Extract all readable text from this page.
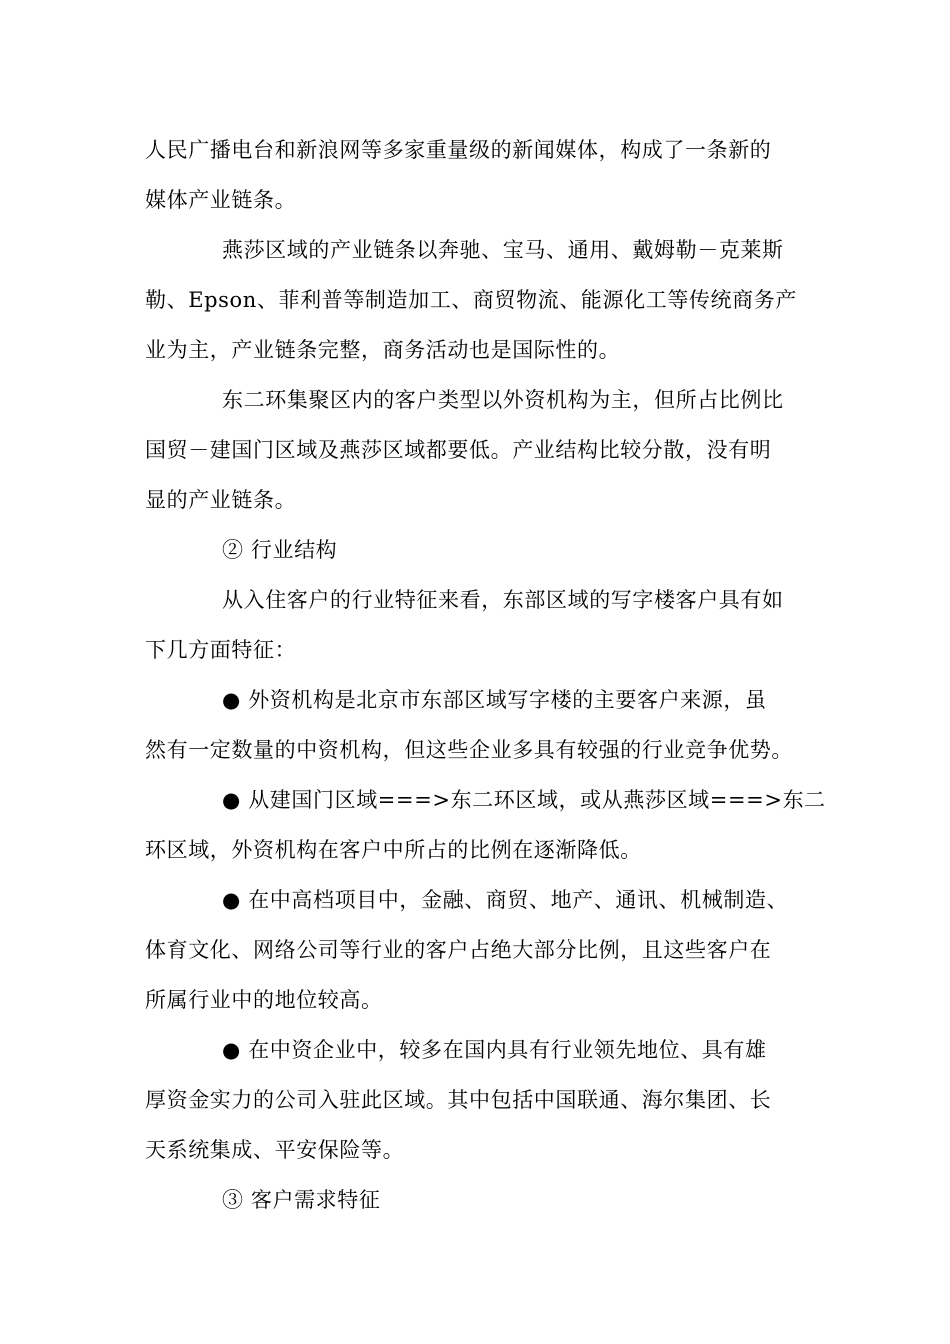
人民广播电台和新浪网等多家重量级的新闻媒体，构成了一条新的
媒体产业链条。
燕莎区域的产业链条以奔驰、宝马、通用、戴姆勒－克莱斯
勒、Epson、菲利普等制造加工、商贸物流、能源化工等传统商务产
业为主，产业链条完整，商务活动也是国际性的。
东二环集聚区内的客户类型以外资机构为主，但所占比例比
国贸－建国门区域及燕莎区域都要低。产业结构比较分散，没有明
显的产业链条。
② 行业结构
从入住客户的行业特征来看，东部区域的写字楼客户具有如
下几方面特征：
● 外资机构是北京市东部区域写字楼的主要客户来源，虽
然有一定数量的中资机构，但这些企业多具有较强的行业竞争优势。
● 从建国门区域===>东二环区域，或从燕莎区域===>东二
环区域，外资机构在客户中所占的比例在逐渐降低。
● 在中高档项目中，金融、商贸、地产、通讯、机械制造、
体育文化、网络公司等行业的客户占绝大部分比例，且这些客户在
所属行业中的地位较高。
● 在中资企业中，较多在国内具有行业领先地位、具有雄
厚资金实力的公司入驻此区域。其中包括中国联通、海尔集团、长
天系统集成、平安保险等。
③ 客户需求特征
